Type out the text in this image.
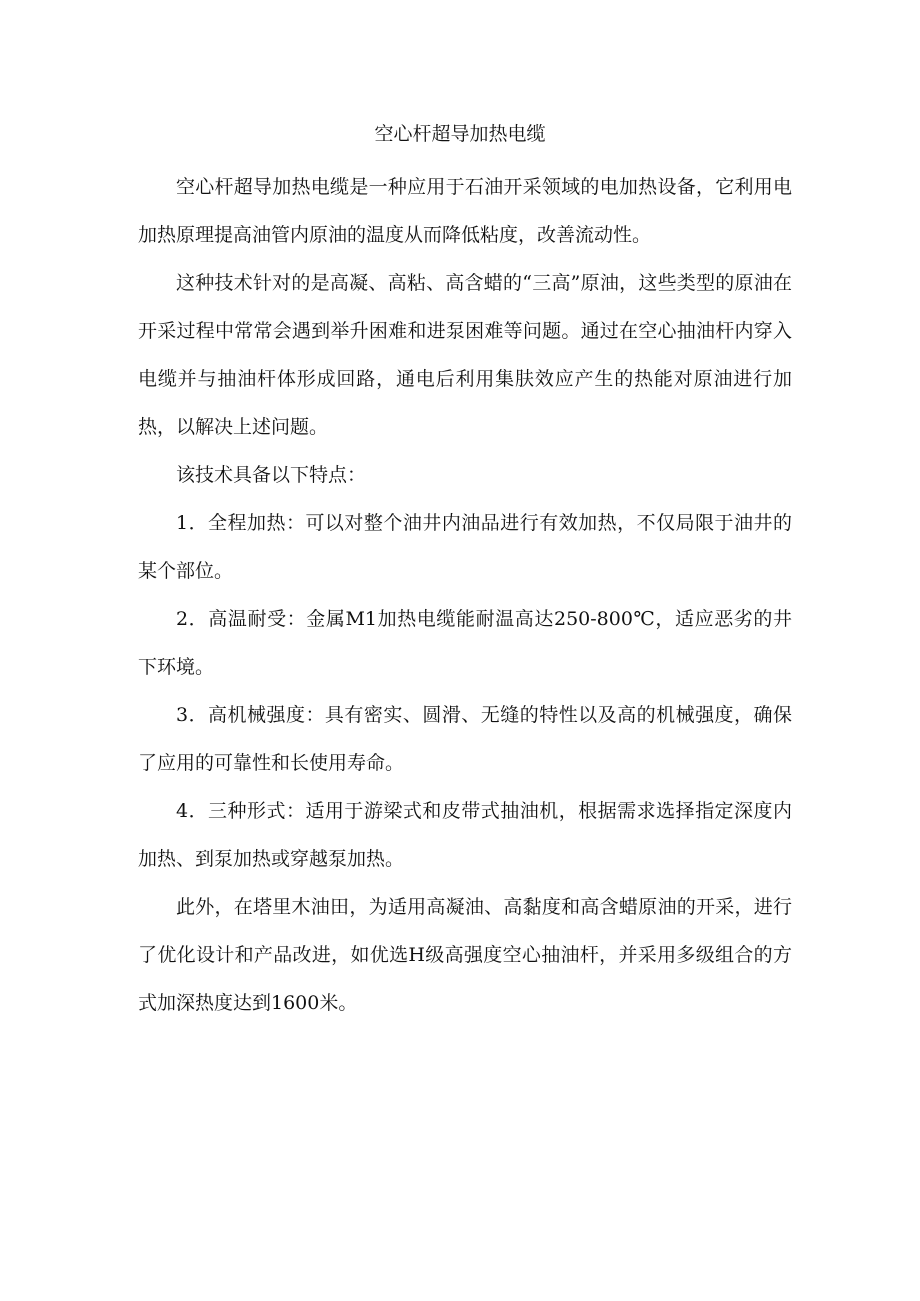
空心杆超导加热电缆

空心杆超导加热电缆是一种应用于石油开采领域的电加热设备，它利用电加热原理提高油管内原油的温度从而降低粘度，改善流动性。

这种技术针对的是高凝、高粘、高含蜡的“三高”原油，这些类型的原油在开采过程中常常会遇到举升困难和进泵困难等问题。通过在空心抽油杆内穿入电缆并与抽油杆体形成回路，通电后利用集肤效应产生的热能对原油进行加热，以解决上述问题。

该技术具备以下特点：

1．全程加热：可以对整个油井内油品进行有效加热，不仅局限于油井的某个部位。

2．高温耐受：金属M1加热电缆能耐温高达250-800℃，适应恶劣的井下环境。

3．高机械强度：具有密实、圆滑、无缝的特性以及高的机械强度，确保了应用的可靠性和长使用寿命。

4．三种形式：适用于游梁式和皮带式抽油机，根据需求选择指定深度内加热、到泵加热或穿越泵加热。

此外，在塔里木油田，为适用高凝油、高黏度和高含蜡原油的开采，进行了优化设计和产品改进，如优选H级高强度空心抽油杆，并采用多级组合的方式加深热度达到1600米。
